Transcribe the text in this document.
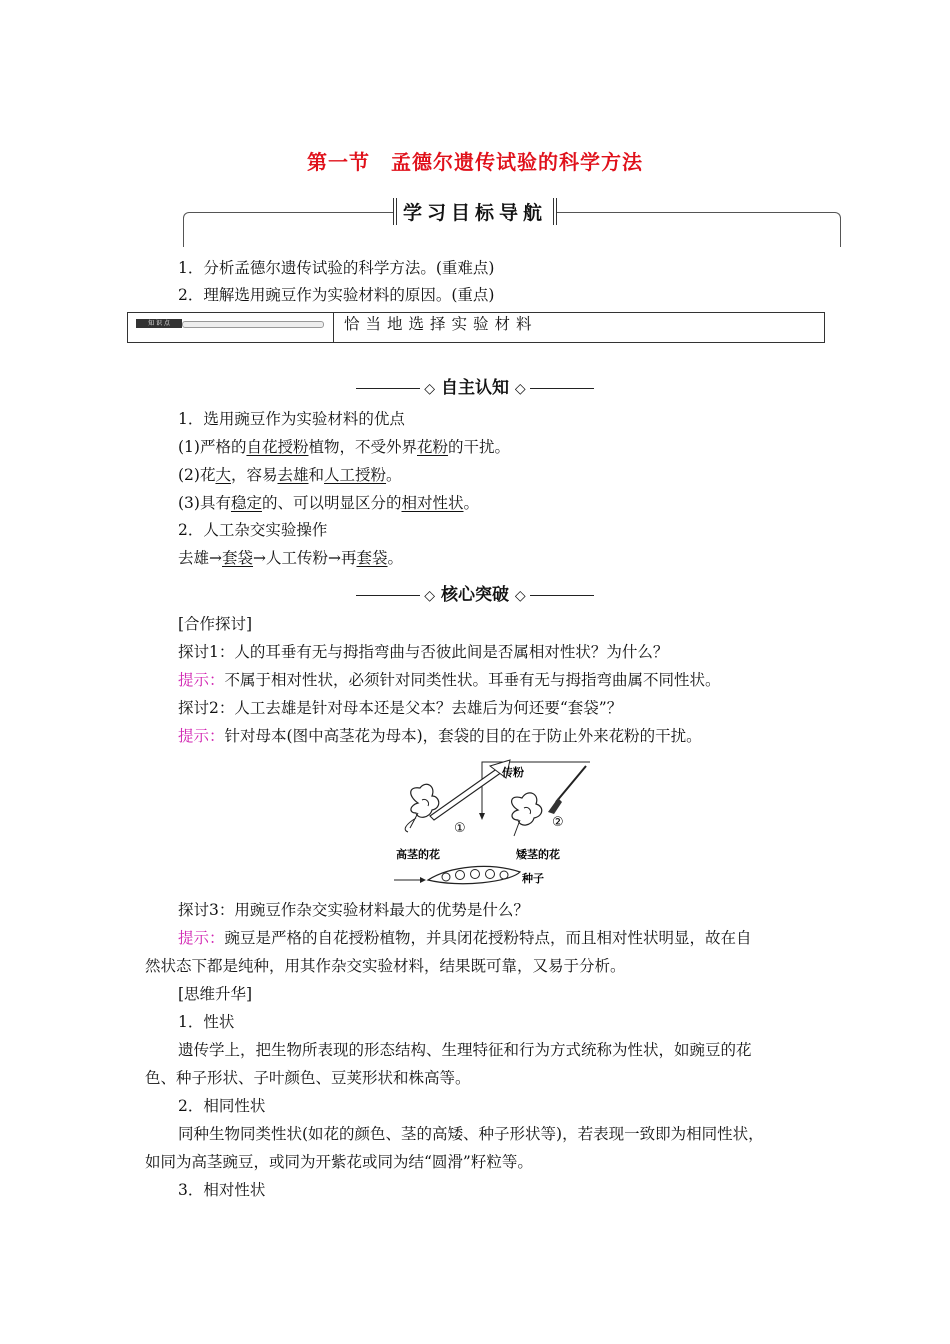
第一节　孟德尔遗传试验的科学方法
学习目标导航
1．分析孟德尔遗传试验的科学方法。(重难点)
2．理解选用豌豆作为实验材料的原因。(重点)
知 识 点	恰当地选择实验材料
◇ 自主认知 ◇
1．选用豌豆作为实验材料的优点
(1)严格的自花授粉植物，不受外界花粉的干扰。
(2)花大，容易去雄和人工授粉。
(3)具有稳定的、可以明显区分的相对性状。
2．人工杂交实验操作
去雄→套袋→人工传粉→再套袋。
◇ 核心突破 ◇
[合作探讨]
探讨1：人的耳垂有无与拇指弯曲与否彼此间是否属相对性状？为什么？
提示：不属于相对性状，必须针对同类性状。耳垂有无与拇指弯曲属不同性状。
探讨2：人工去雄是针对母本还是父本？去雄后为何还要“套袋”？
提示：针对母本(图中高茎花为母本)，套袋的目的在于防止外来花粉的干扰。
①	②
传粉
高茎的花	矮茎的花
种子
探讨3：用豌豆作杂交实验材料最大的优势是什么？
提示：豌豆是严格的自花授粉植物，并具闭花授粉特点，而且相对性状明显，故在自
然状态下都是纯种，用其作杂交实验材料，结果既可靠，又易于分析。
[思维升华]
1．性状
遗传学上，把生物所表现的形态结构、生理特征和行为方式统称为性状，如豌豆的花
色、种子形状、子叶颜色、豆荚形状和株高等。
2．相同性状
同种生物同类性状(如花的颜色、茎的高矮、种子形状等)，若表现一致即为相同性状，
如同为高茎豌豆，或同为开紫花或同为结“圆滑”籽粒等。
3．相对性状
